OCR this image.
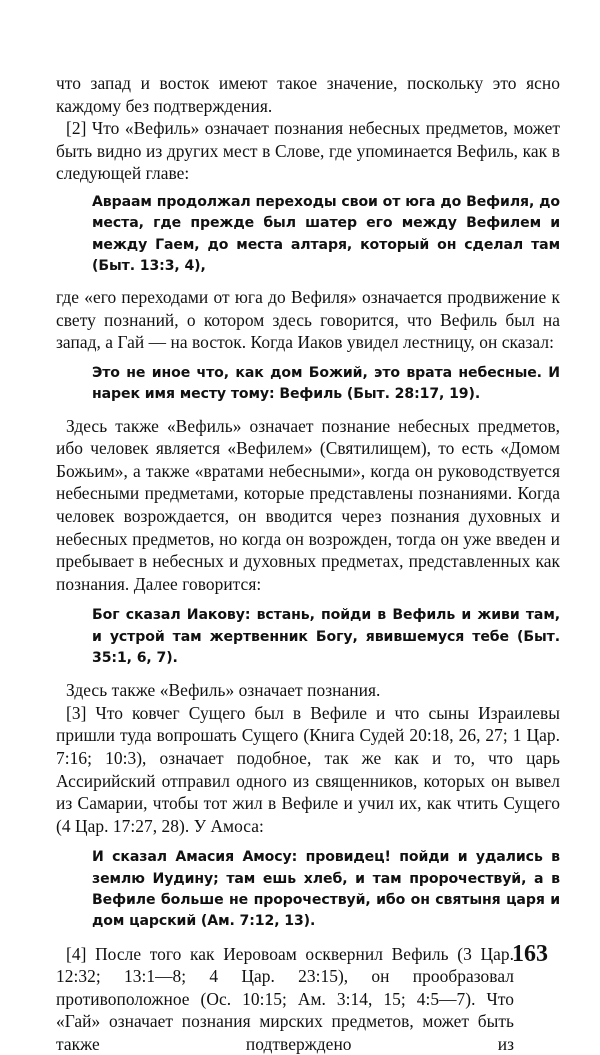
что запад и восток имеют такое значение, поскольку это ясно каждому без подтверждения.

[2] Что «Вефиль» означает познания небесных предметов, может быть видно из других мест в Слове, где упоминается Вефиль, как в следующей главе:

Авраам продолжал переходы свои от юга до Вефиля, до места, где прежде был шатер его между Вефилем и между Гаем, до места алтаря, который он сделал там (Быт. 13:3, 4),

где «его переходами от юга до Вефиля» означается продвижение к свету познаний, о котором здесь говорится, что Вефиль был на запад, а Гай — на восток. Когда Иаков увидел лестницу, он сказал:

Это не иное что, как дом Божий, это врата небесные. И нарек имя месту тому: Вефиль (Быт. 28:17, 19).

Здесь также «Вефиль» означает познание небесных предметов, ибо человек является «Вефилем» (Святилищем), то есть «Домом Божьим», а также «вратами небесными», когда он руководствуется небесными предметами, которые представлены познаниями. Когда человек возрождается, он вводится через познания духовных и небесных предметов, но когда он возрожден, тогда он уже введен и пребывает в небесных и духовных предметах, представленных как познания. Далее говорится:

Бог сказал Иакову: встань, пойди в Вефиль и живи там, и устрой там жертвенник Богу, явившемуся тебе (Быт. 35:1, 6, 7).

Здесь также «Вефиль» означает познания.

[3] Что ковчег Сущего был в Вефиле и что сыны Израилевы пришли туда вопрошать Сущего (Книга Судей 20:18, 26, 27; 1 Цар. 7:16; 10:3), означает подобное, так же как и то, что царь Ассирийский отправил одного из священников, которых он вывел из Самарии, чтобы тот жил в Вефиле и учил их, как чтить Сущего (4 Цар. 17:27, 28). У Амоса:

И сказал Амасия Амосу: провидец! пойди и удались в землю Иудину; там ешь хлеб, и там пророчествуй, а в Вефиле больше не пророчествуй, ибо он святыня царя и дом царский (Ам. 7:12, 13).

[4] После того как Иеровоам осквернил Вефиль (3 Цар. 12:32; 13:1—8; 4 Цар. 23:15), он прообразовал противоположное (Ос. 10:15; Ам. 3:14, 15; 4:5—7). Что «Гай» означает познания мирских предметов, может быть также подтверждено из

163
